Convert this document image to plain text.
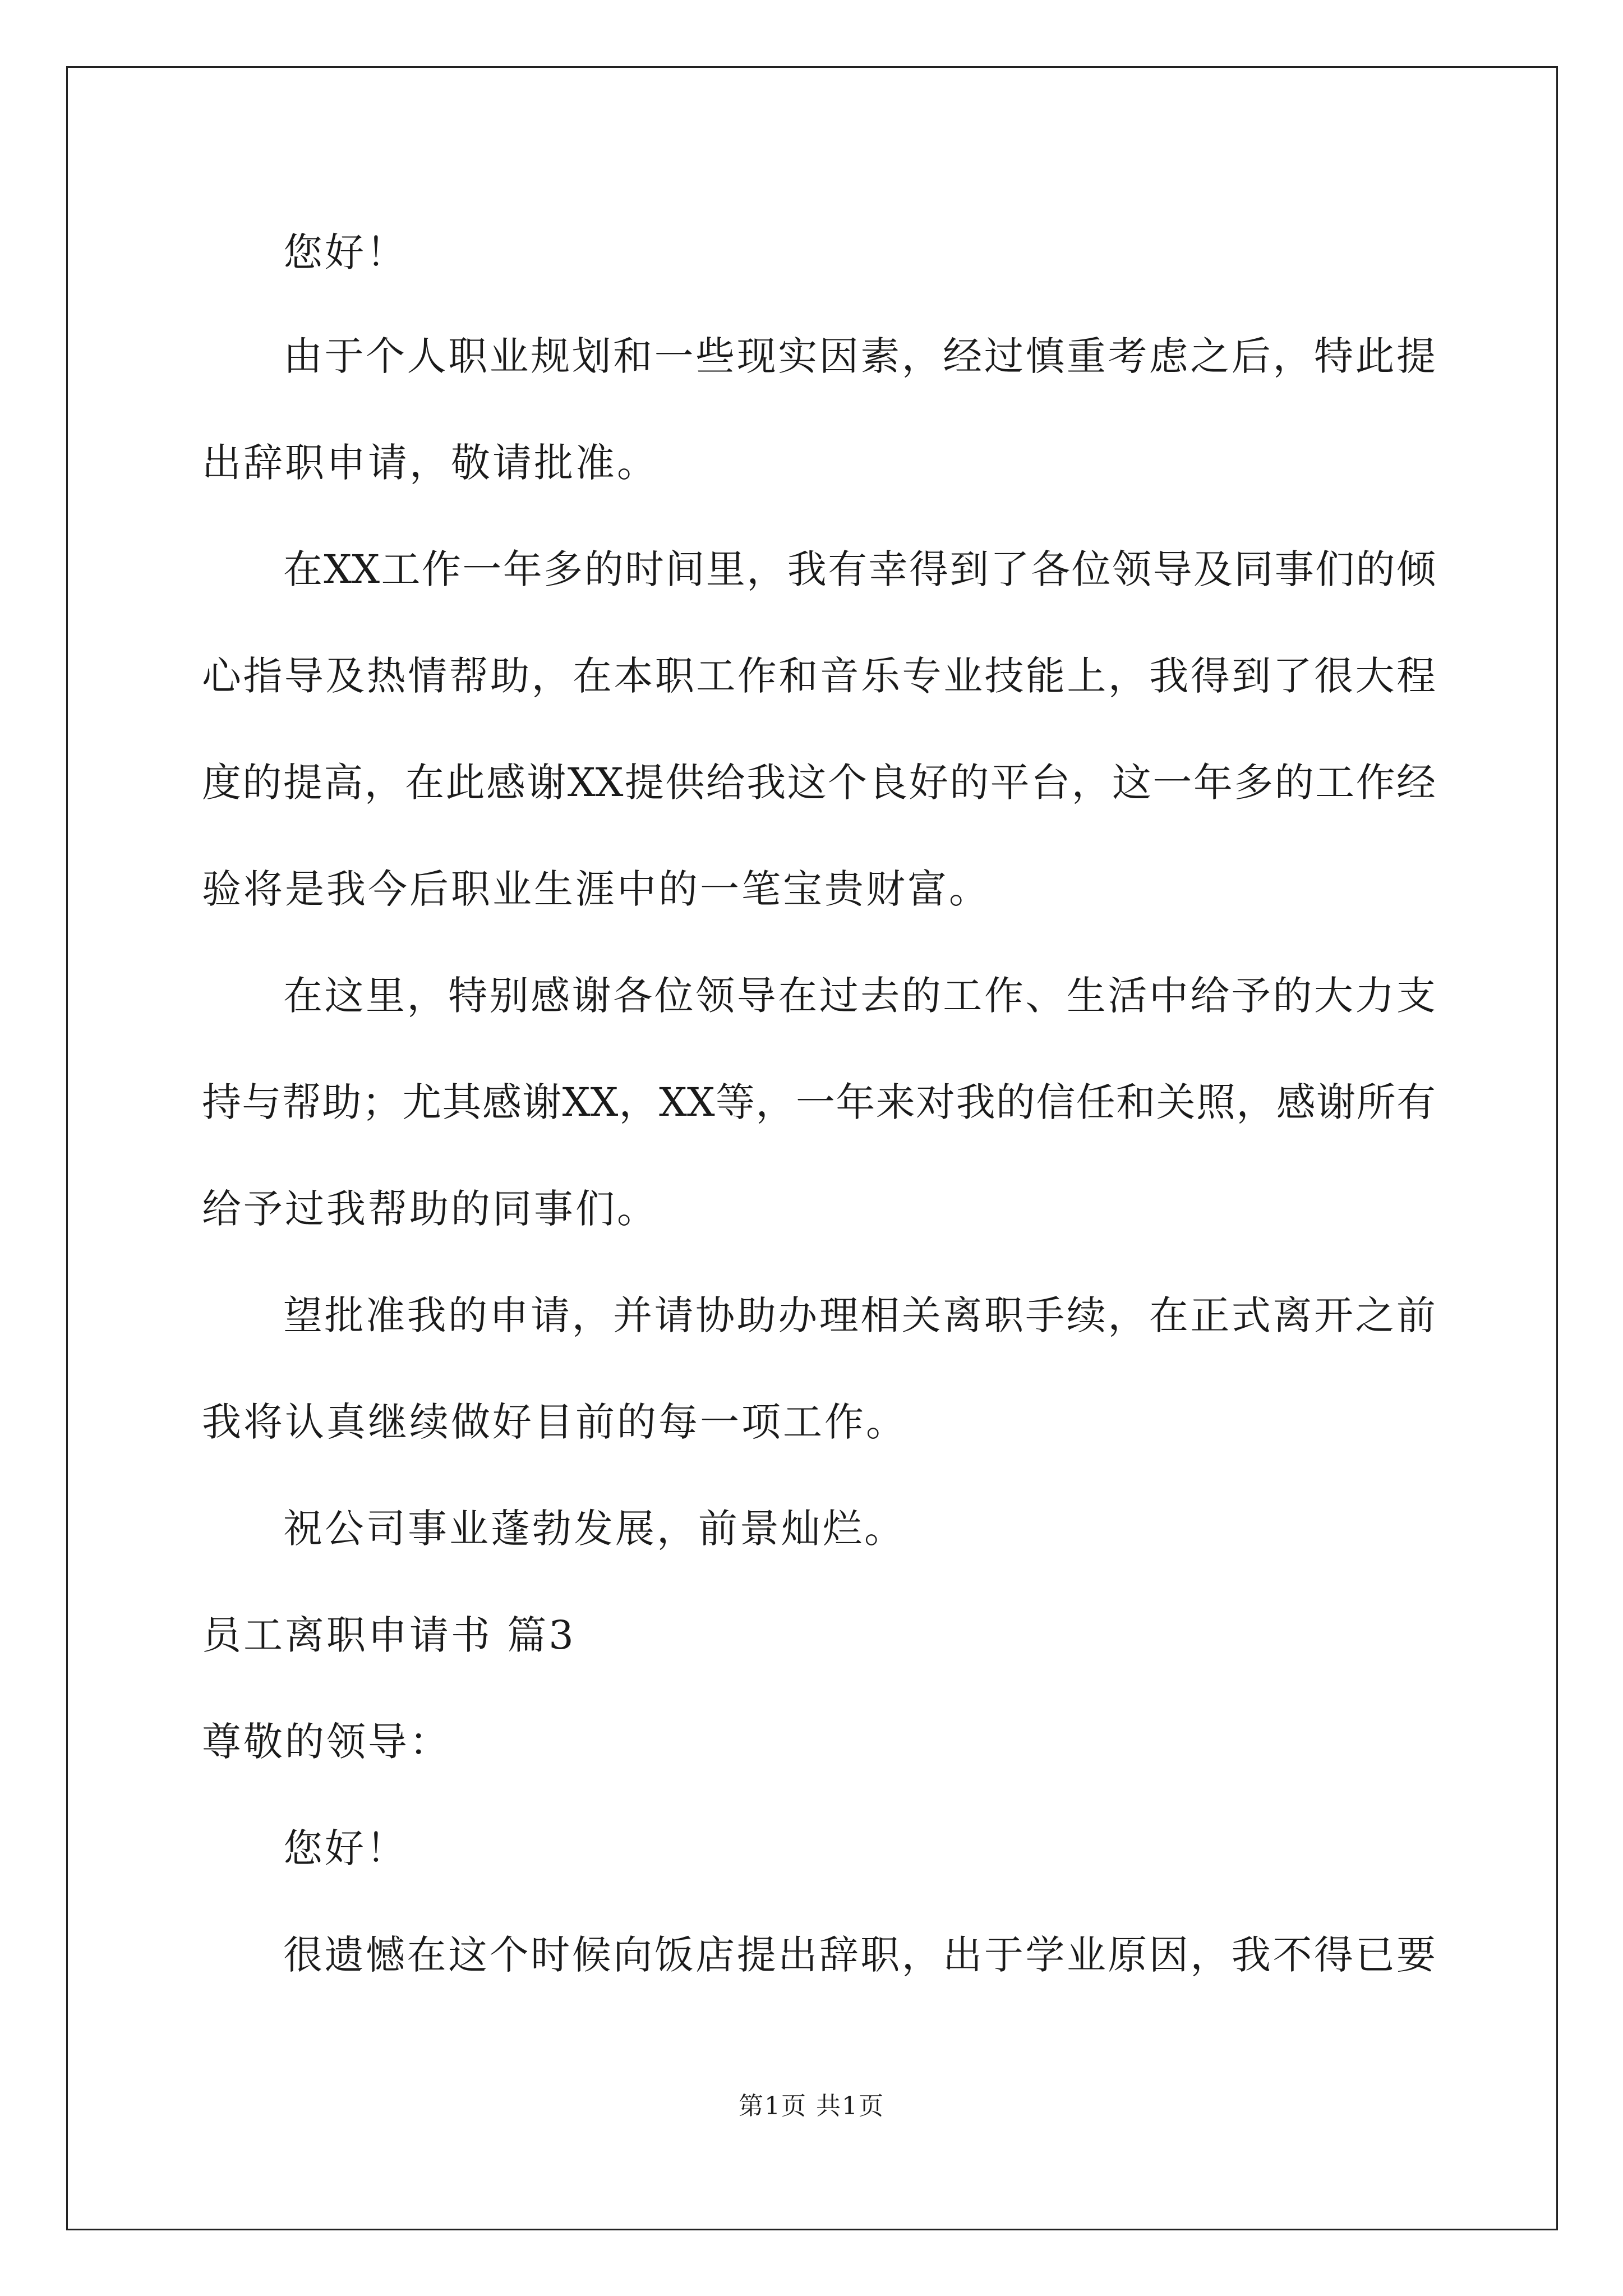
您好！
由于个人职业规划和一些现实因素，经过慎重考虑之后，特此提
出辞职申请，敬请批准。
在XX工作一年多的时间里，我有幸得到了各位领导及同事们的倾
心指导及热情帮助，在本职工作和音乐专业技能上，我得到了很大程
度的提高，在此感谢XX提供给我这个良好的平台，这一年多的工作经
验将是我今后职业生涯中的一笔宝贵财富。
在这里，特别感谢各位领导在过去的工作、生活中给予的大力支
持与帮助；尤其感谢XX，XX等，一年来对我的信任和关照，感谢所有
给予过我帮助的同事们。
望批准我的申请，并请协助办理相关离职手续，在正式离开之前
我将认真继续做好目前的每一项工作。
祝公司事业蓬勃发展，前景灿烂。
员工离职申请书 篇3
尊敬的领导：
您好！
很遗憾在这个时候向饭店提出辞职，出于学业原因，我不得已要
第1页 共1页
